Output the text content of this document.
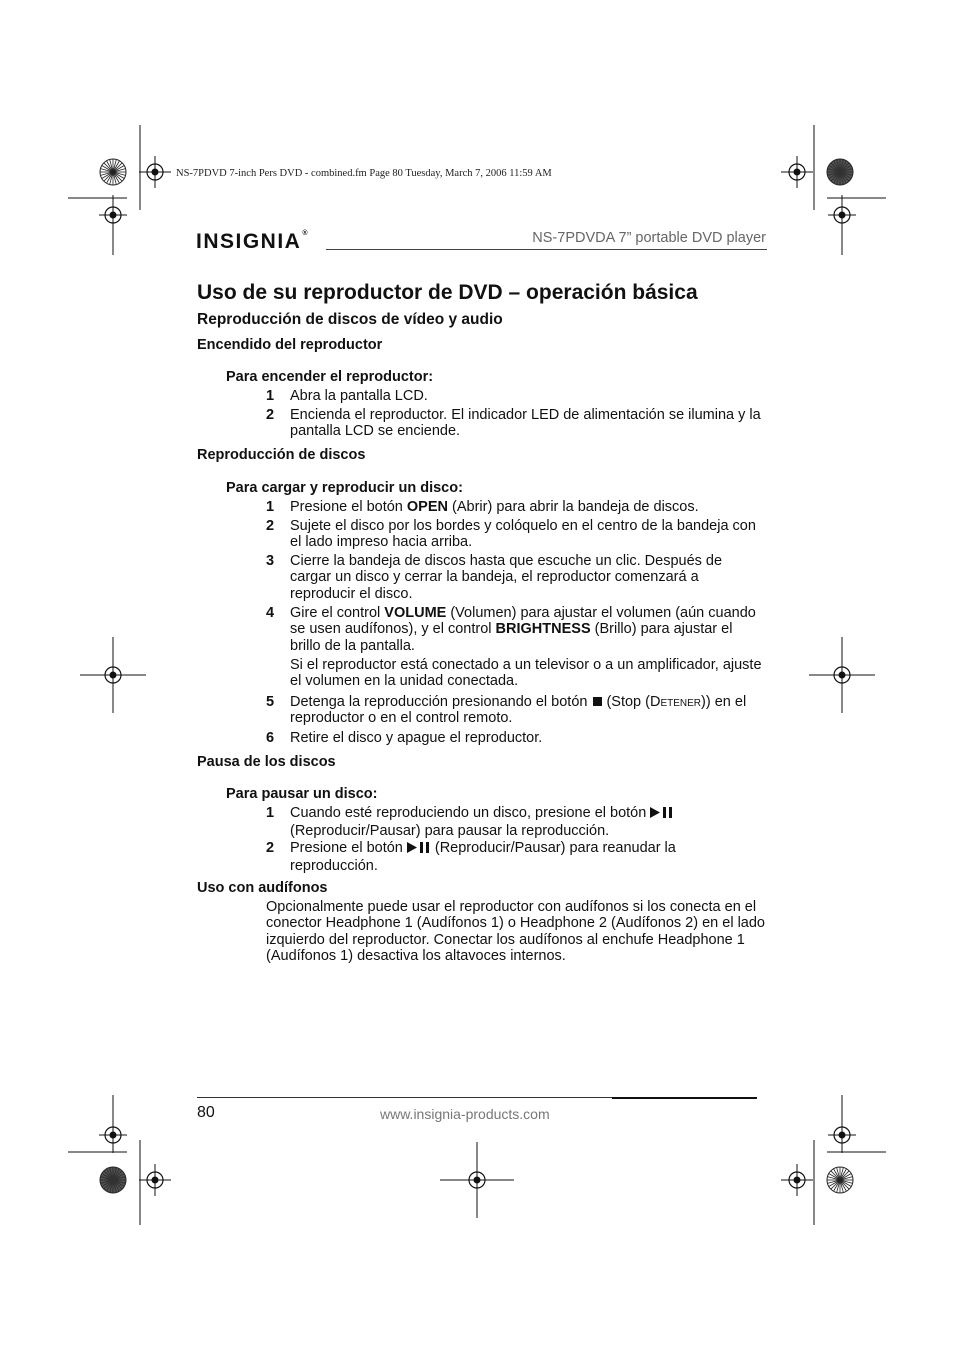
NS-7PDVD 7-inch Pers DVD - combined.fm Page 80 Tuesday, March 7, 2006 11:59 AM
INSIGNIA®	NS-7PDVDA 7” portable DVD player
Uso de su reproductor de DVD – operación básica
Reproducción de discos de vídeo y audio
Encendido del reproductor
Para encender el reproductor:
1 Abra la pantalla LCD.
2 Encienda el reproductor. El indicador LED de alimentación se ilumina y la pantalla LCD se enciende.
Reproducción de discos
Para cargar y reproducir un disco:
1 Presione el botón OPEN (Abrir) para abrir la bandeja de discos.
2 Sujete el disco por los bordes y colóquelo en el centro de la bandeja con el lado impreso hacia arriba.
3 Cierre la bandeja de discos hasta que escuche un clic. Después de cargar un disco y cerrar la bandeja, el reproductor comenzará a reproducir el disco.
4 Gire el control VOLUME (Volumen) para ajustar el volumen (aún cuando se usen audífonos), y el control BRIGHTNESS (Brillo) para ajustar el brillo de la pantalla.
Si el reproductor está conectado a un televisor o a un amplificador, ajuste el volumen en la unidad conectada.
5 Detenga la reproducción presionando el botón (Stop (Detener)) en el reproductor o en el control remoto.
6 Retire el disco y apague el reproductor.
Pausa de los discos
Para pausar un disco:
1 Cuando esté reproduciendo un disco, presione el botón(Reproducir/Pausar) para pausar la reproducción.
2 Presione el botón (Reproducir/Pausar) para reanudar la reproducción.
Uso con audífonos
Opcionalmente puede usar el reproductor con audífonos si los conecta en el conector Headphone 1 (Audífonos 1) o Headphone 2 (Audífonos 2) en el lado izquierdo del reproductor. Conectar los audífonos al enchufe Headphone 1 (Audífonos 1) desactiva los altavoces internos.
80	www.insignia-products.com
